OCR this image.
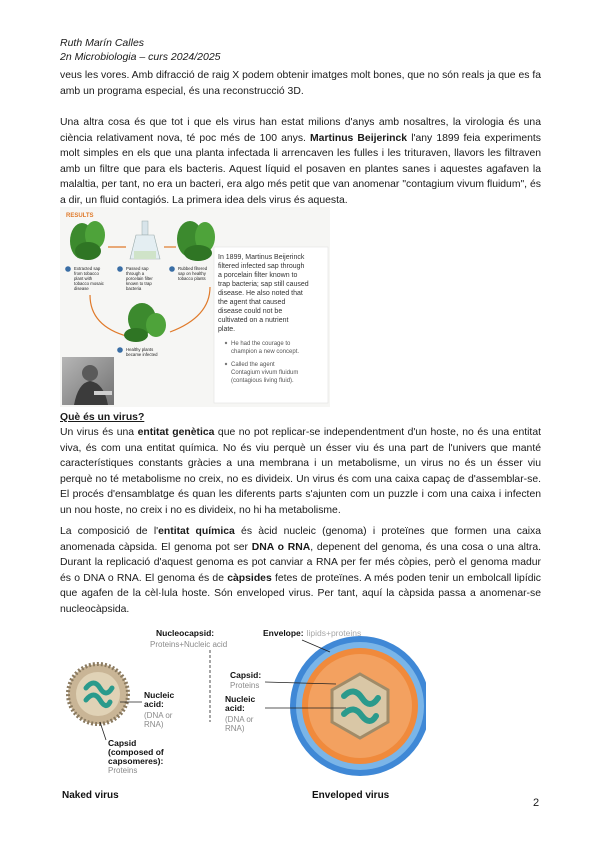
Ruth Marín Calles
2n Microbiologia – curs 2024/2025

veus les vores. Amb difracció de raig X podem obtenir imatges molt bones, que no són reals ja que es fa amb un programa especial, és una reconstrucció 3D.

Una altra cosa és que tot i que els virus han estat milions d'anys amb nosaltres, la virologia és una ciència relativament nova, té poc més de 100 anys. Martinus Beijerinck l'any 1899 feia experiments molt simples en els que una planta infectada li arrencaven les fulles i les trituraven, llavors les filtraven amb un filtre que para els bacteris. Aquest líquid el posaven en plantes sanes i aquestes agafaven la malaltia, per tant, no era un bacteri, era algo més petit que van anomenar "contagium vivum fluidum", és a dir, un fluid contagiós. La primera idea dels virus és aquesta.

RESULTS
Extracted sap from tobacco plant with tobacco mosaic disease
Passed sap through a porcelain filter known to trap bacteria
Rubbed filtered sap on healthy tobacco plants
Healthy plants became infected
In 1899, Martinus Beijerinck filtered infected sap through a porcelain filter known to trap bacteria; sap still caused disease. He also noted that the agent that caused disease could not be cultivated on a nutrient plate.
He had the courage to champion a new concept.
Called the agent Contagium vivum fluidum (contagious living fluid).
Què és un virus?

Un virus és una entitat genètica que no pot replicar-se independentment d'un hoste, no és una entitat viva, és com una entitat química. No és viu perquè un ésser viu és una part de l'univers que manté característiques constants gràcies a una membrana i un metabolisme, un virus no és un ésser viu perquè no té metabolisme no creix, no es divideix. Un virus és com una caixa capaç de d'assemblar-se. El procés d'ensamblatge és quan les diferents parts s'ajunten com un puzzle i com una caixa i infecten un nou hoste, no creix i no es divideix, no hi ha metabolisme.

La composició de l'entitat química és àcid nucleic (genoma) i proteïnes que formen una caixa anomenada càpsida. El genoma pot ser DNA o RNA, depenent del genoma, és una cosa o una altra. Durant la replicació d'aquest genoma es pot canviar a RNA per fer més còpies, però el genoma madur és o DNA o RNA. El genoma és de càpsides fetes de proteïnes. A més poden tenir un embolcall lipídic que agafen de la cèl·lula hoste. Són enveloped virus. Per tant, aquí la càpsida passa a anomenar-se nucleocàpsida.

Nucleocapsid:
Proteins+Nucleic acid
Envelope: lipids+proteins
Capsid:
Proteins
Nucleic acid:
(DNA or RNA)
Nucleic acid:
(DNA or RNA)
Capsid (composed of capsomeres):
Proteins
Naked virus	Enveloped virus
2
